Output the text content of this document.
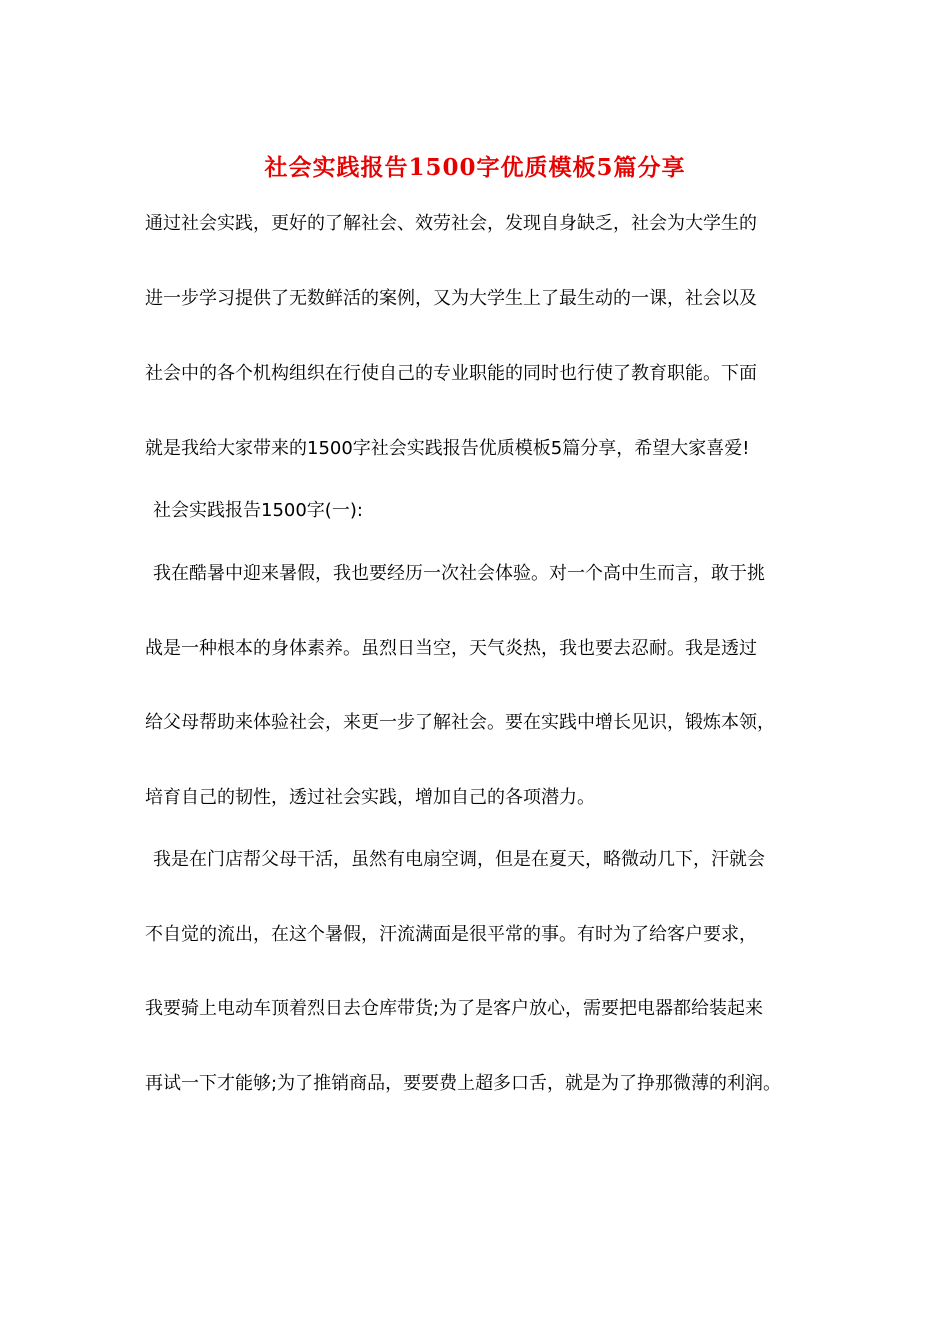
社会实践报告1500字优质模板5篇分享
通过社会实践，更好的了解社会、效劳社会，发现自身缺乏，社会为大学生的
进一步学习提供了无数鲜活的案例，又为大学生上了最生动的一课，社会以及
社会中的各个机构组织在行使自己的专业职能的同时也行使了教育职能。下面
就是我给大家带来的1500字社会实践报告优质模板5篇分享，希望大家喜爱!
社会实践报告1500字(一):
我在酷暑中迎来暑假，我也要经历一次社会体验。对一个高中生而言，敢于挑
战是一种根本的身体素养。虽烈日当空，天气炎热，我也要去忍耐。我是透过
给父母帮助来体验社会，来更一步了解社会。要在实践中增长见识，锻炼本领，
培育自己的韧性，透过社会实践，增加自己的各项潜力。
我是在门店帮父母干活，虽然有电扇空调，但是在夏天，略微动几下，汗就会
不自觉的流出，在这个暑假，汗流满面是很平常的事。有时为了给客户要求，
我要骑上电动车顶着烈日去仓库带货;为了是客户放心，需要把电器都给装起来
再试一下才能够;为了推销商品，要要费上超多口舌，就是为了挣那微薄的利润。
